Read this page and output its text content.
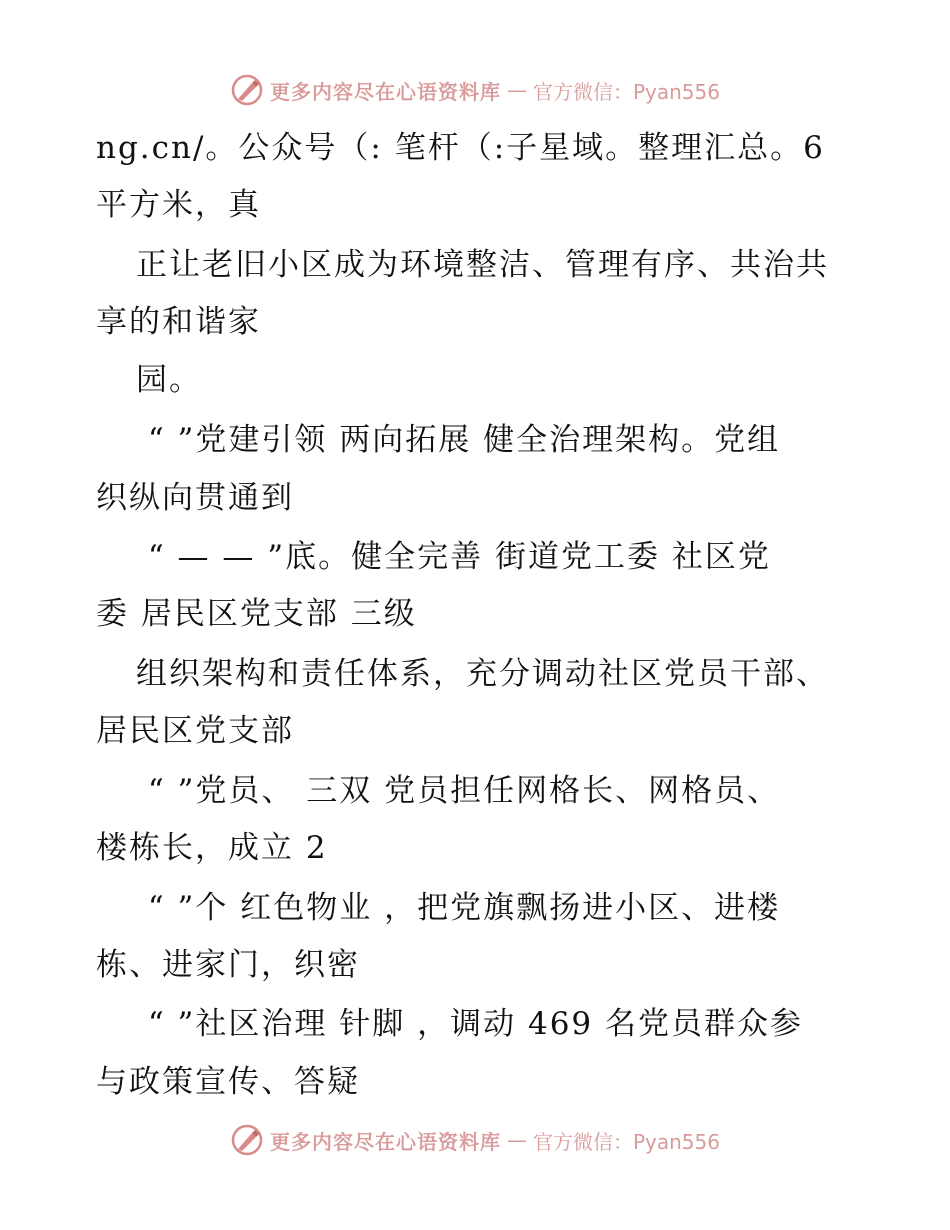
更多内容尽在心语资料库 — 官方微信：Pyan556
ng.cn/。公众号（: 笔杆（:子星域。整理汇总。6
平方米，真
正让老旧小区成为环境整洁、管理有序、共治共
享的和谐家
园。
“ ”党建引领 两向拓展 健全治理架构。党组
织纵向贯通到
“ — — ”底。健全完善 街道党工委 社区党
委 居民区党支部 三级
组织架构和责任体系，充分调动社区党员干部、
居民区党支部
“ ”党员、 三双 党员担任网格长、网格员、
楼栋长，成立 2
“ ”个 红色物业 ，把党旗飘扬进小区、进楼
栋、进家门，织密
“ ”社区治理 针脚 ，调动 469 名党员群众参
与政策宣传、答疑
更多内容尽在心语资料库 — 官方微信：Pyan556
